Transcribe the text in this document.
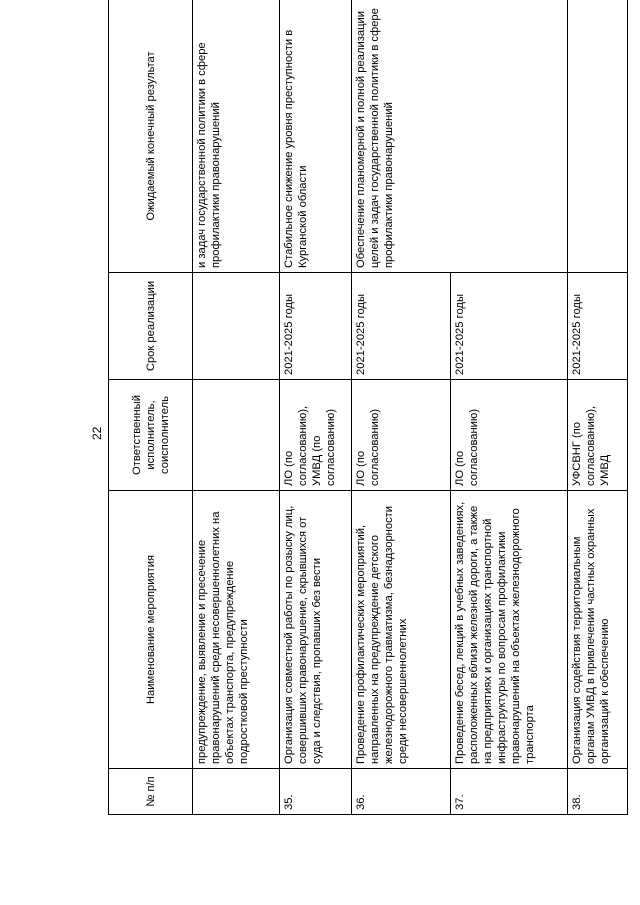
22
№ п/п	Наименование мероприятия	Ответственный исполнитель, соисполнитель	Срок реализации	Ожидаемый конечный результат
	предупреждение, выявление и пресечение правонарушений среди несовершеннолетних на объектах транспорта, предупреждение подростковой преступности			и задач государственной политики в сфере профилактики правонарушений
35.	Организация совместной работы по розыску лиц, совершивших правонарушение, скрывшихся от суда и следствия, пропавших без вести	ЛО (по согласованию), УМВД (по согласованию)	2021-2025 годы	Стабильное снижение уровня преступности в Курганской области
36.	Проведение профилактических мероприятий, направленных на предупреждение детского железнодорожного травматизма, безнадзорности среди несовершеннолетних	ЛО (по согласованию)	2021-2025 годы	Обеспечение планомерной и полной реализации целей и задач государственной политики в сфере профилактики правонарушений
37.	Проведение бесед, лекций в учебных заведениях, расположенных вблизи железной дороги, а также на предприятиях и организациях транспортной инфраструктуры по вопросам профилактики правонарушений на объектах железнодорожного транспорта	ЛО (по согласованию)	2021-2025 годы	
38.	Организация содействия территориальным органам УМВД в привлечении частных охранных организаций к обеспечению	УФСВНГ (по согласованию), УМВД	2021-2025 годы	
